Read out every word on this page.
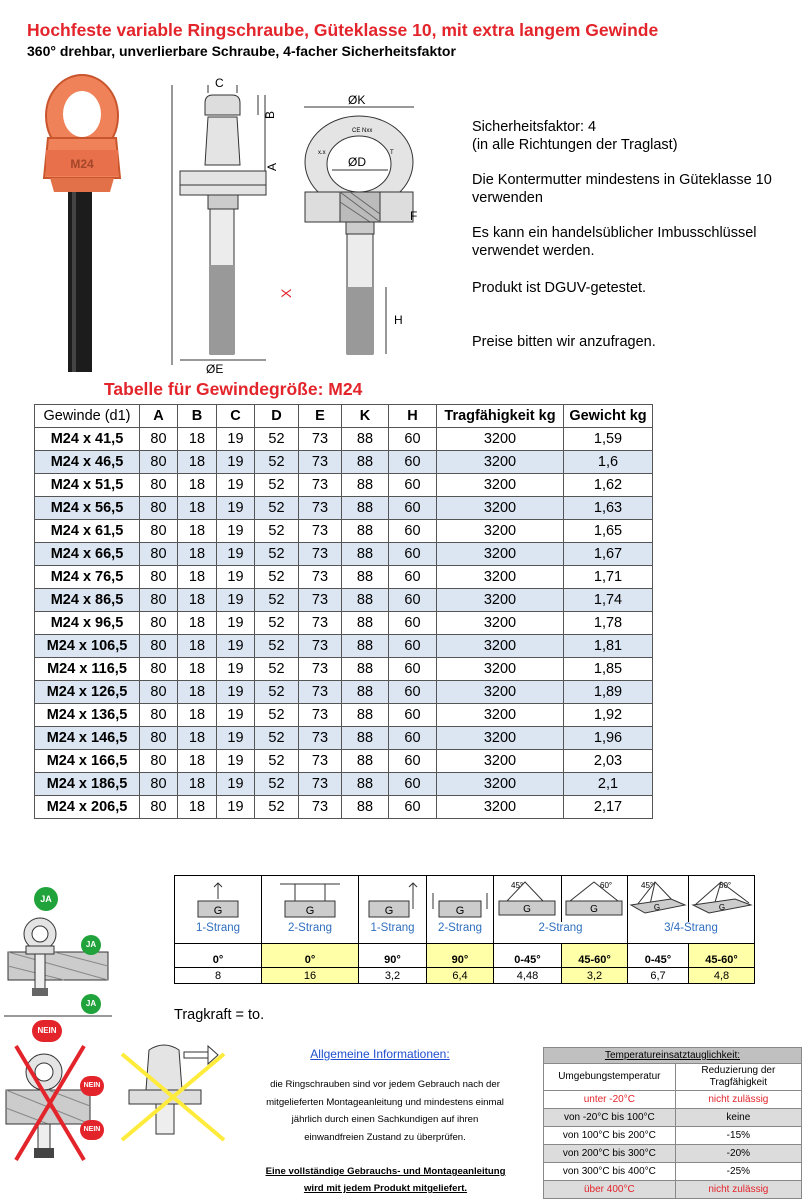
Hochfeste variable Ringschraube, Güteklasse 10, mit extra langem Gewinde
360° drehbar, unverlierbare Schraube, 4-facher Sicherheitsfaktor
M24
C
B
A
X
ØE
ØK
CE Nxx
T
x.x
ØD
H
F
Sicherheitsfaktor: 4
(in alle Richtungen der Traglast)
Die Kontermutter mindestens in Güteklasse 10 verwenden
Es kann ein handelsüblicher Imbusschlüssel verwendet werden.
Produkt ist DGUV-getestet.
Preise bitten wir anzufragen.
Tabelle für Gewindegröße: M24
Gewinde (d1)	A	B	C	D	E	K	H	Tragfähigkeit kg	Gewicht kg
M24 x 41,5	80	18	19	52	73	88	60	3200	1,59
M24 x 46,5	80	18	19	52	73	88	60	3200	1,6
M24 x 51,5	80	18	19	52	73	88	60	3200	1,62
M24 x 56,5	80	18	19	52	73	88	60	3200	1,63
M24 x 61,5	80	18	19	52	73	88	60	3200	1,65
M24 x 66,5	80	18	19	52	73	88	60	3200	1,67
M24 x 76,5	80	18	19	52	73	88	60	3200	1,71
M24 x 86,5	80	18	19	52	73	88	60	3200	1,74
M24 x 96,5	80	18	19	52	73	88	60	3200	1,78
M24 x 106,5	80	18	19	52	73	88	60	3200	1,81
M24 x 116,5	80	18	19	52	73	88	60	3200	1,85
M24 x 126,5	80	18	19	52	73	88	60	3200	1,89
M24 x 136,5	80	18	19	52	73	88	60	3200	1,92
M24 x 146,5	80	18	19	52	73	88	60	3200	1,96
M24 x 166,5	80	18	19	52	73	88	60	3200	2,03
M24 x 186,5	80	18	19	52	73	88	60	3200	2,1
M24 x 206,5	80	18	19	52	73	88	60	3200	2,17
G	G	G	G	45°
G	60°
G	45°
G	60°
G

1-Strang	2-Strang	1-Strang	2-Strang	2-Strang		3/4-Strang	
0°	0°	90°	90°	0-45°	45-60°	0-45°	45-60°
8	16	3,2	6,4	4,48	3,2	6,7	4,8
Tragkraft = to.
JA
JA
JA
NEIN
NEIN
NEIN
Allgemeine Informationen:
die Ringschrauben sind vor jedem Gebrauch nach der
mitgelieferten Montageanleitung und mindestens einmal
jährlich durch einen Sachkundigen auf ihren
einwandfreien Zustand zu überprüfen.
Eine vollständige Gebrauchs- und Montageanleitung
wird mit jedem Produkt mitgeliefert.
Temperatureinsatztauglichkeit:	
Umgebungstemperatur	Reduzierung der Tragfähigkeit
unter -20°C	nicht zulässig
von -20°C bis 100°C	keine
von 100°C bis 200°C	-15%
von 200°C bis 300°C	-20%
von 300°C bis 400°C	-25%
über 400°C	nicht zulässig
